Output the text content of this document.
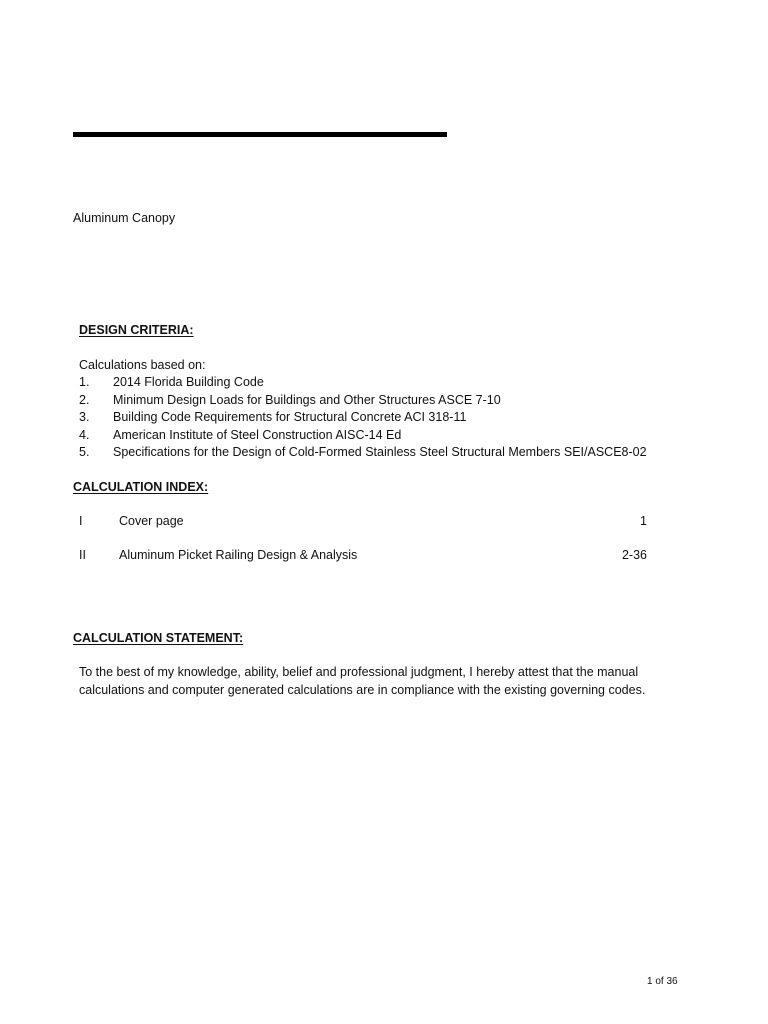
Aluminum Canopy
DESIGN CRITERIA:
Calculations based on:
1.	2014 Florida Building Code
2.	Minimum Design Loads for Buildings and Other Structures ASCE 7-10
3.	Building Code Requirements for Structural Concrete ACI 318-11
4.	American Institute of Steel Construction AISC-14 Ed
5.	Specifications for the Design of Cold-Formed Stainless Steel Structural Members SEI/ASCE8-02
CALCULATION INDEX:
I	Cover page	1
II	Aluminum Picket Railing Design & Analysis	2-36
CALCULATION STATEMENT:
To the best of my knowledge, ability, belief and professional judgment, I hereby attest that the manual
calculations and computer generated calculations are in compliance with the existing governing codes.
1 of 36
